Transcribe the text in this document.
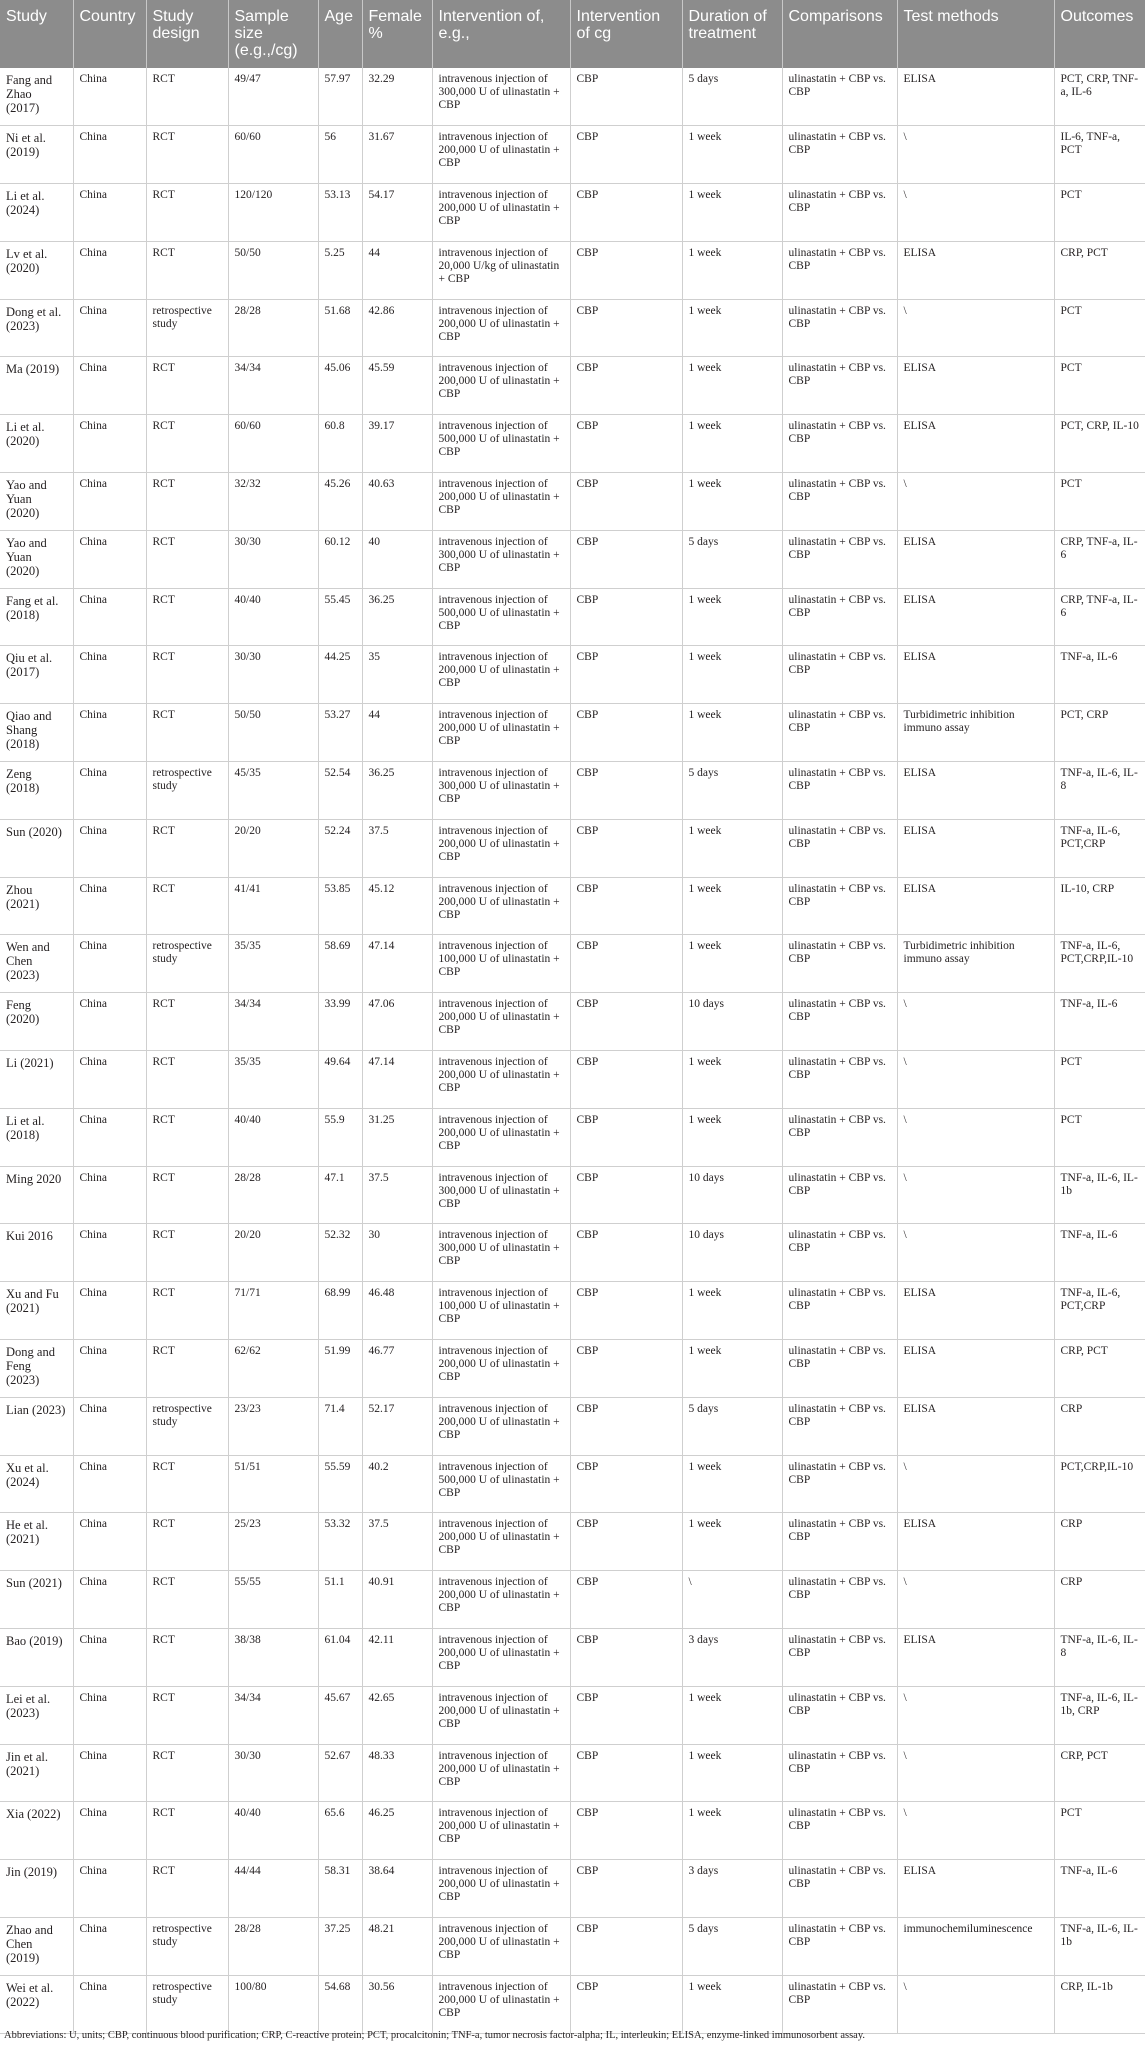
Study	Country	Study design	Sample size (e.g.,/cg)	Age	Female %	Intervention of, e.g.,	Intervention of cg	Duration of treatment	Comparisons	Test methods	Outcomes
Fang and Zhao (2017)	China	RCT	49/47	57.97	32.29	intravenous injection of 300,000 U of ulinastatin + CBP	CBP	5 days	ulinastatin + CBP vs. CBP	ELISA	PCT, CRP, TNF-a, IL-6
Ni et al. (2019)	China	RCT	60/60	56	31.67	intravenous injection of 200,000 U of ulinastatin + CBP	CBP	1 week	ulinastatin + CBP vs. CBP	\	IL-6, TNF-a, PCT
Li et al. (2024)	China	RCT	120/120	53.13	54.17	intravenous injection of 200,000 U of ulinastatin + CBP	CBP	1 week	ulinastatin + CBP vs. CBP	\	PCT
Lv et al. (2020)	China	RCT	50/50	5.25	44	intravenous injection of 20,000 U/kg of ulinastatin + CBP	CBP	1 week	ulinastatin + CBP vs. CBP	ELISA	CRP, PCT
Dong et al. (2023)	China	retrospective study	28/28	51.68	42.86	intravenous injection of 200,000 U of ulinastatin + CBP	CBP	1 week	ulinastatin + CBP vs. CBP	\	PCT
Ma (2019)	China	RCT	34/34	45.06	45.59	intravenous injection of 200,000 U of ulinastatin + CBP	CBP	1 week	ulinastatin + CBP vs. CBP	ELISA	PCT
Li et al. (2020)	China	RCT	60/60	60.8	39.17	intravenous injection of 500,000 U of ulinastatin + CBP	CBP	1 week	ulinastatin + CBP vs. CBP	ELISA	PCT, CRP, IL-10
Yao and Yuan (2020)	China	RCT	32/32	45.26	40.63	intravenous injection of 200,000 U of ulinastatin + CBP	CBP	1 week	ulinastatin + CBP vs. CBP	\	PCT
Yao and Yuan (2020)	China	RCT	30/30	60.12	40	intravenous injection of 300,000 U of ulinastatin + CBP	CBP	5 days	ulinastatin + CBP vs. CBP	ELISA	CRP, TNF-a, IL-6
Fang et al. (2018)	China	RCT	40/40	55.45	36.25	intravenous injection of 500,000 U of ulinastatin + CBP	CBP	1 week	ulinastatin + CBP vs. CBP	ELISA	CRP, TNF-a, IL-6
Qiu et al. (2017)	China	RCT	30/30	44.25	35	intravenous injection of 200,000 U of ulinastatin + CBP	CBP	1 week	ulinastatin + CBP vs. CBP	ELISA	TNF-a, IL-6
Qiao and Shang (2018)	China	RCT	50/50	53.27	44	intravenous injection of 200,000 U of ulinastatin + CBP	CBP	1 week	ulinastatin + CBP vs. CBP	Turbidimetric inhibition immuno assay	PCT, CRP
Zeng (2018)	China	retrospective study	45/35	52.54	36.25	intravenous injection of 300,000 U of ulinastatin + CBP	CBP	5 days	ulinastatin + CBP vs. CBP	ELISA	TNF-a, IL-6, IL-8
Sun (2020)	China	RCT	20/20	52.24	37.5	intravenous injection of 200,000 U of ulinastatin + CBP	CBP	1 week	ulinastatin + CBP vs. CBP	ELISA	TNF-a, IL-6, PCT,CRP
Zhou (2021)	China	RCT	41/41	53.85	45.12	intravenous injection of 200,000 U of ulinastatin + CBP	CBP	1 week	ulinastatin + CBP vs. CBP	ELISA	IL-10, CRP
Wen and Chen (2023)	China	retrospective study	35/35	58.69	47.14	intravenous injection of 100,000 U of ulinastatin + CBP	CBP	1 week	ulinastatin + CBP vs. CBP	Turbidimetric inhibition immuno assay	TNF-a, IL-6, PCT,CRP,IL-10
Feng (2020)	China	RCT	34/34	33.99	47.06	intravenous injection of 200,000 U of ulinastatin + CBP	CBP	10 days	ulinastatin + CBP vs. CBP	\	TNF-a, IL-6
Li (2021)	China	RCT	35/35	49.64	47.14	intravenous injection of 200,000 U of ulinastatin + CBP	CBP	1 week	ulinastatin + CBP vs. CBP	\	PCT
Li et al. (2018)	China	RCT	40/40	55.9	31.25	intravenous injection of 200,000 U of ulinastatin + CBP	CBP	1 week	ulinastatin + CBP vs. CBP	\	PCT
Ming 2020	China	RCT	28/28	47.1	37.5	intravenous injection of 300,000 U of ulinastatin + CBP	CBP	10 days	ulinastatin + CBP vs. CBP	\	TNF-a, IL-6, IL-1b
Kui 2016	China	RCT	20/20	52.32	30	intravenous injection of 300,000 U of ulinastatin + CBP	CBP	10 days	ulinastatin + CBP vs. CBP	\	TNF-a, IL-6
Xu and Fu (2021)	China	RCT	71/71	68.99	46.48	intravenous injection of 100,000 U of ulinastatin + CBP	CBP	1 week	ulinastatin + CBP vs. CBP	ELISA	TNF-a, IL-6, PCT,CRP
Dong and Feng (2023)	China	RCT	62/62	51.99	46.77	intravenous injection of 200,000 U of ulinastatin + CBP	CBP	1 week	ulinastatin + CBP vs. CBP	ELISA	CRP, PCT
Lian (2023)	China	retrospective study	23/23	71.4	52.17	intravenous injection of 200,000 U of ulinastatin + CBP	CBP	5 days	ulinastatin + CBP vs. CBP	ELISA	CRP
Xu et al. (2024)	China	RCT	51/51	55.59	40.2	intravenous injection of 500,000 U of ulinastatin + CBP	CBP	1 week	ulinastatin + CBP vs. CBP	\	PCT,CRP,IL-10
He et al. (2021)	China	RCT	25/23	53.32	37.5	intravenous injection of 200,000 U of ulinastatin + CBP	CBP	1 week	ulinastatin + CBP vs. CBP	ELISA	CRP
Sun (2021)	China	RCT	55/55	51.1	40.91	intravenous injection of 200,000 U of ulinastatin + CBP	CBP	\	ulinastatin + CBP vs. CBP	\	CRP
Bao (2019)	China	RCT	38/38	61.04	42.11	intravenous injection of 200,000 U of ulinastatin + CBP	CBP	3 days	ulinastatin + CBP vs. CBP	ELISA	TNF-a, IL-6, IL-8
Lei et al. (2023)	China	RCT	34/34	45.67	42.65	intravenous injection of 200,000 U of ulinastatin + CBP	CBP	1 week	ulinastatin + CBP vs. CBP	\	TNF-a, IL-6, IL-1b, CRP
Jin et al. (2021)	China	RCT	30/30	52.67	48.33	intravenous injection of 200,000 U of ulinastatin + CBP	CBP	1 week	ulinastatin + CBP vs. CBP	\	CRP, PCT
Xia (2022)	China	RCT	40/40	65.6	46.25	intravenous injection of 200,000 U of ulinastatin + CBP	CBP	1 week	ulinastatin + CBP vs. CBP	\	PCT
Jin (2019)	China	RCT	44/44	58.31	38.64	intravenous injection of 200,000 U of ulinastatin + CBP	CBP	3 days	ulinastatin + CBP vs. CBP	ELISA	TNF-a, IL-6
Zhao and Chen (2019)	China	retrospective study	28/28	37.25	48.21	intravenous injection of 200,000 U of ulinastatin + CBP	CBP	5 days	ulinastatin + CBP vs. CBP	immunochemiluminescence	TNF-a, IL-6, IL-1b
Wei et al. (2022)	China	retrospective study	100/80	54.68	30.56	intravenous injection of 200,000 U of ulinastatin + CBP	CBP	1 week	ulinastatin + CBP vs. CBP	\	CRP, IL-1b
Abbreviations: U, units; CBP, continuous blood purification; CRP, C-reactive protein; PCT, procalcitonin; TNF-a, tumor necrosis factor-alpha; IL, interleukin; ELISA, enzyme-linked immunosorbent assay.
